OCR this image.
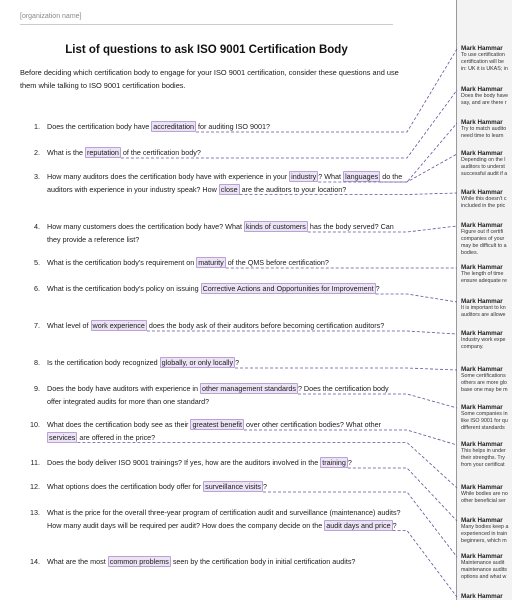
[organization name]
List of questions to ask ISO 9001 Certification Body
Before deciding which certification body to engage for your ISO 9001 certification, consider these questions and use them while talking to ISO 9001 certification bodies.
1. Does the certification body have accreditation for auditing ISO 9001?
2. What is the reputation of the certification body?
3. How many auditors does the certification body have with experience in your industry ? What languages do the auditors with experience in your industry speak? How close are the auditors to your location?
4. How many customers does the certification body have? What kinds of customers has the body served? Can they provide a reference list?
5. What is the certification body's requirement on maturity of the QMS before certification?
6. What is the certification body's policy on issuing Corrective Actions and Opportunities for Improvement ?
7. What level of work experience does the body ask of their auditors before becoming certification auditors?
8. Is the certification body recognized globally, or only locally ?
9. Does the body have auditors with experience in other management standards ? Does the certification body offer integrated audits for more than one standard?
10. What does the certification body see as their greatest benefit over other certification bodies? What other services are offered in the price?
11. Does the body deliver ISO 9001 trainings? If yes, how are the auditors involved in the training ?
12. What options does the certification body offer for surveillance visits ?
13. What is the price for the overall three-year program of certification audit and surveillance (maintenance) audits? How many audit days will be required per audit? How does the company decide on the audit days and price ?
14. What are the most common problems seen by the certification body in initial certification audits?
Mark Hammar
To use certification
certification will be
in: UK it is UKAS; in
Mark Hammar
Does the body have
say, and are there r
Mark Hammar
Try to match audito
need time to learn
Mark Hammar
Depending on the l
auditors to underst
successful audit if a
Mark Hammar
While this doesn't c
included in the pric
Mark Hammar
Figure out if certifi
companies of your
may be difficult to a
bodies.
Mark Hammar
The length of time
ensure adequate re
Mark Hammar
It is important to kn
auditors are allowe
Mark Hammar
Industry work expe
company.
Mark Hammar
Some certifications
others are more glo
base one may be m
Mark Hammar
Some companies in
like ISO 9001 for qu
different standards
Mark Hammar
This helps in under
their strengths. Try
from your certificat
Mark Hammar
While bodies are no
other beneficial ser
Mark Hammar
Many bodies keep a
experienced in train
beginners, which m
Mark Hammar
Maintenance audit
maintenance audits
options and what w
Mark Hammar
